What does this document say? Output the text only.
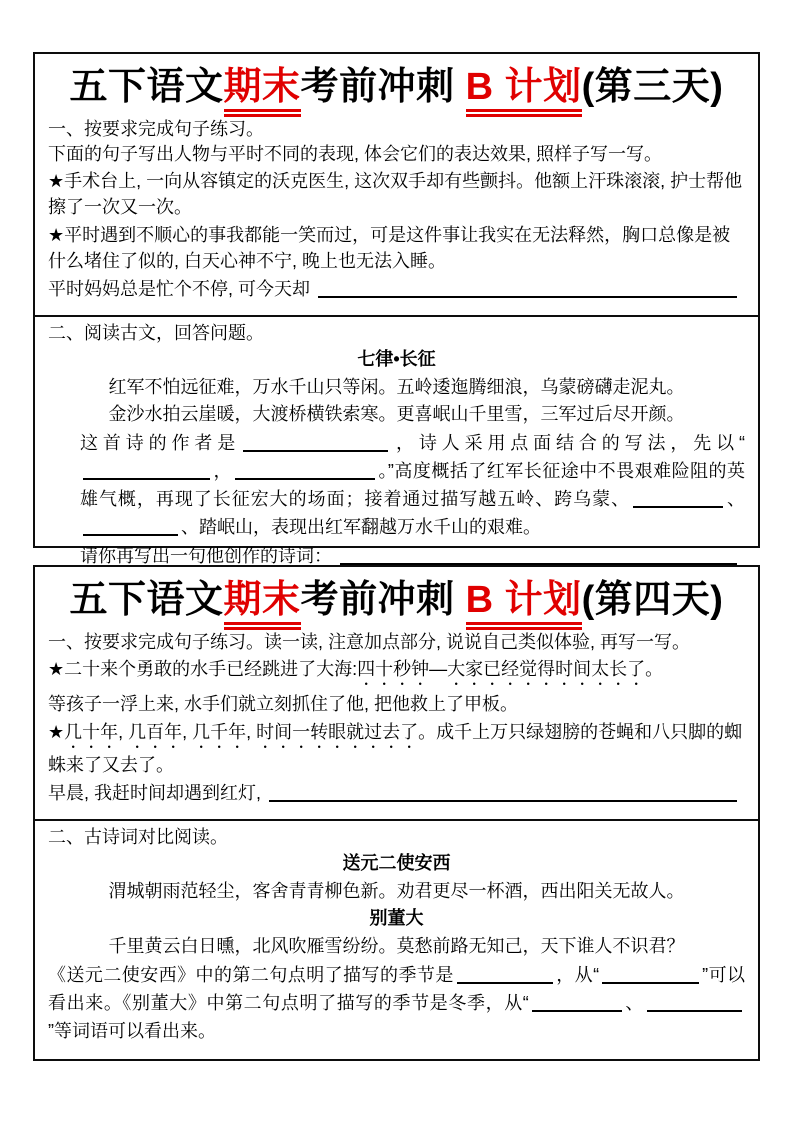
五下语文期末考前冲刺 B 计划(第三天)

一、按要求完成句子练习。

下面的句子写出人物与平时不同的表现, 体会它们的表达效果, 照样子写一写。

★手术台上, 一向从容镇定的沃克医生, 这次双手却有些颤抖。他额上汗珠滚滚, 护士帮他擦了一次又一次。

★平时遇到不顺心的事我都能一笑而过，可是这件事让我实在无法释然，胸口总像是被什么堵住了似的, 白天心神不宁, 晚上也无法入睡。

平时妈妈总是忙个不停, 可今天却

二、阅读古文，回答问题。

七律•长征

红军不怕远征难，万水千山只等闲。五岭逶迤腾细浪，乌蒙磅礴走泥丸。

金沙水拍云崖暖，大渡桥横铁索寒。更喜岷山千里雪，三军过后尽开颜。

这首诗的作者是	，诗人采用点面结合的写法，先以“，	。”高度概括了红军长征途中不畏艰难险阻的英雄气概，再现了长征宏大的场面；接着通过描写越五岭、跨乌蒙、	、、踏岷山，表现出红军翻越万水千山的艰难。

请你再写出一句他创作的诗词：
五下语文期末考前冲刺 B 计划(第四天)

一、按要求完成句子练习。读一读, 注意加点部分, 说说自己类似体验, 再写一写。

★二十来个勇敢的水手已经跳进了大海:四十秒钟—大家已经觉得时间太长了。

等孩子一浮上来, 水手们就立刻抓住了他, 把他救上了甲板。

★几十年, 几百年, 几千年, 时间一转眼就过去了。成千上万只绿翅膀的苍蝇和八只脚的蜘蛛来了又去了。

早晨, 我赶时间却遇到红灯,

二、古诗词对比阅读。

送元二使安西

渭城朝雨范轻尘，客舍青青柳色新。劝君更尽一杯酒，西出阳关无故人。

别董大

千里黄云白日曛，北风吹雁雪纷纷。莫愁前路无知己，天下谁人不识君？

《送元二使安西》中的第二句点明了描写的季节是	，从“	”可以看出来。《别董大》中第二句点明了描写的季节是冬季，从“	、”等词语可以看出来。
